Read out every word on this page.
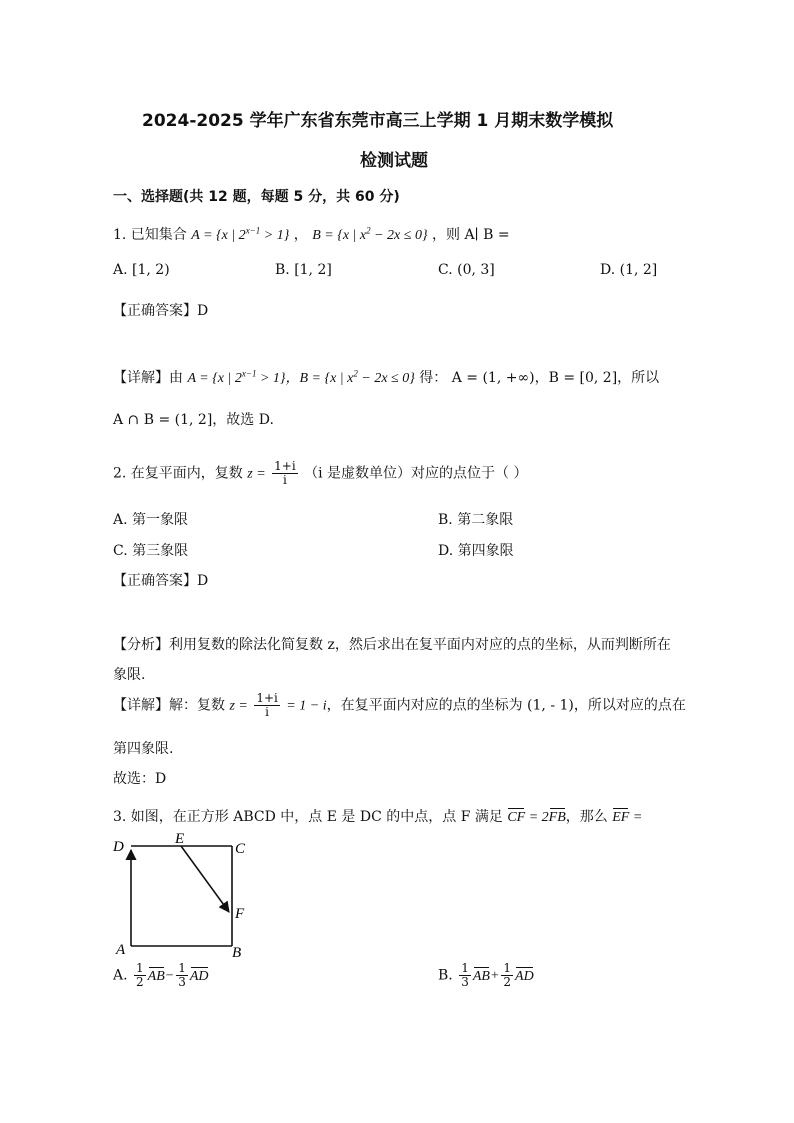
2024-2025 学年广东省东莞市高三上学期 1 月期末数学模拟
检测试题
一、选择题(共 12 题，每题 5 分，共 60 分)
1. 已知集合 A = {x | $2^{x-1} > 1$} ， B = {x | $x^2 - 2x \le 0$} ，则 A∣ B =
A. [1, 2)	B. [1, 2]	C. (0, 3]	D. (1, 2]
【正确答案】D
【详解】由 A = {x | $2^{x-1} > 1$}，B = {x | $x^2 - 2x \le 0$} 得： A = (1, +∞)，B = [0, 2]，所以
A ∩ B = (1, 2]，故选 D.
2. 在复平面内，复数 $z = \frac{1+i}{i} (i$ 是虚数单位）对应的点位于（ ）
A. 第一象限	B. 第二象限
C. 第三象限	D. 第四象限
【正确答案】D
【分析】利用复数的除法化简复数 z，然后求出在复平面内对应的点的坐标，从而判断所在
象限.
【详解】解：复数 $z = \frac{1+i}{i} = 1 - i$，在复平面内对应的点的坐标为 (1, - 1)，所以对应的点在
第四象限.
故选：D
3. 如图，在正方形 ABCD 中，点 E 是 DC 的中点，点 F 满足 CF = 2FB，那么 EF =
D	E
C
F
A	B
A. $\frac{1}{2} AB- \frac{1}{3}$ AD	B. $\frac{1}{3} AB+ \frac{1}{2}$ AD
